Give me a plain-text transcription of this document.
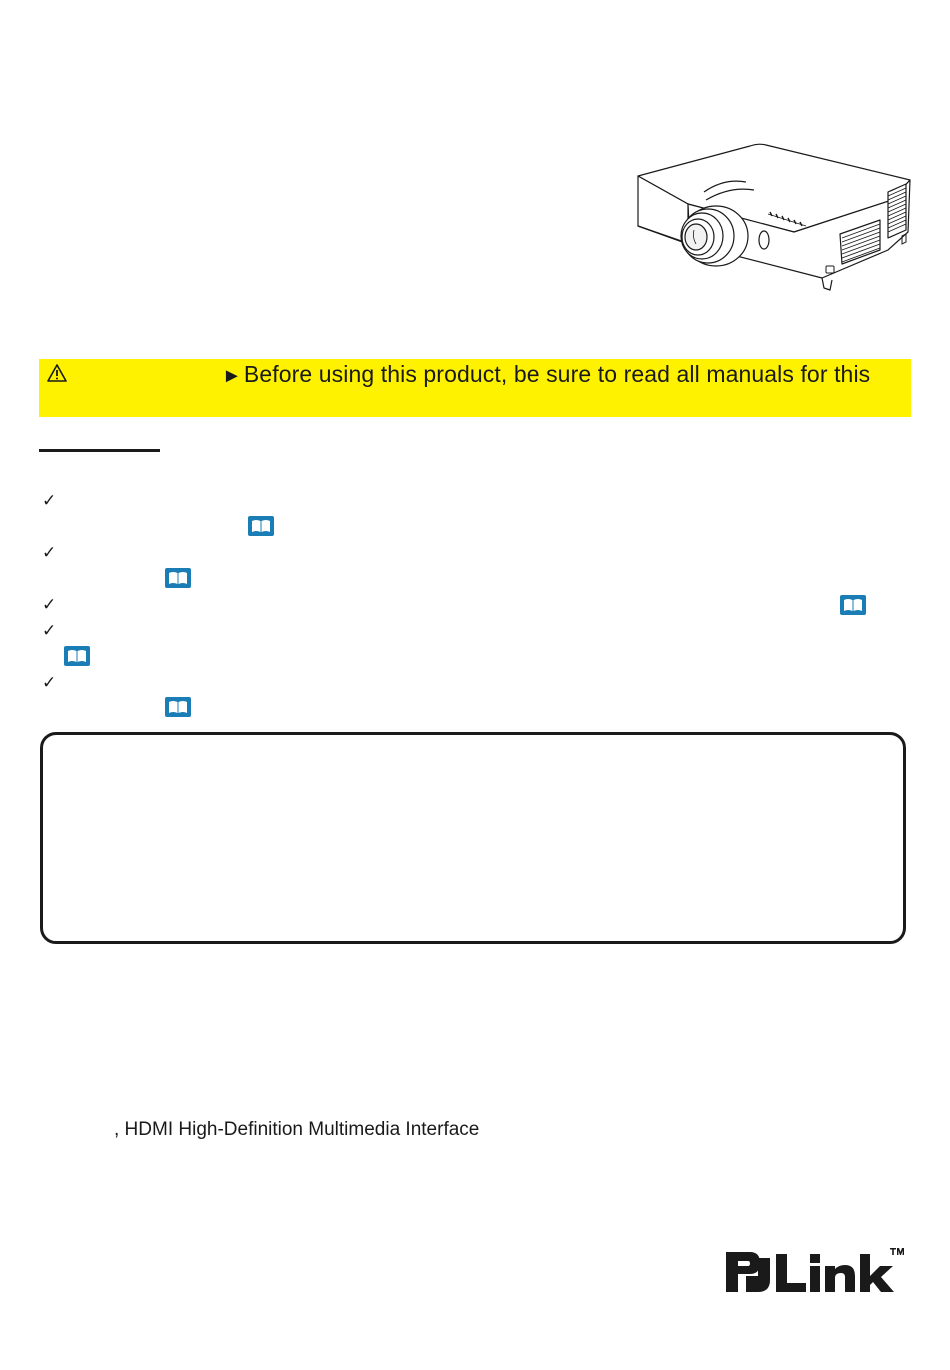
►Before using this product, be sure to read all manuals for this
✓
✓
✓
✓
✓
, HDMI High-Definition Multimedia Interface
